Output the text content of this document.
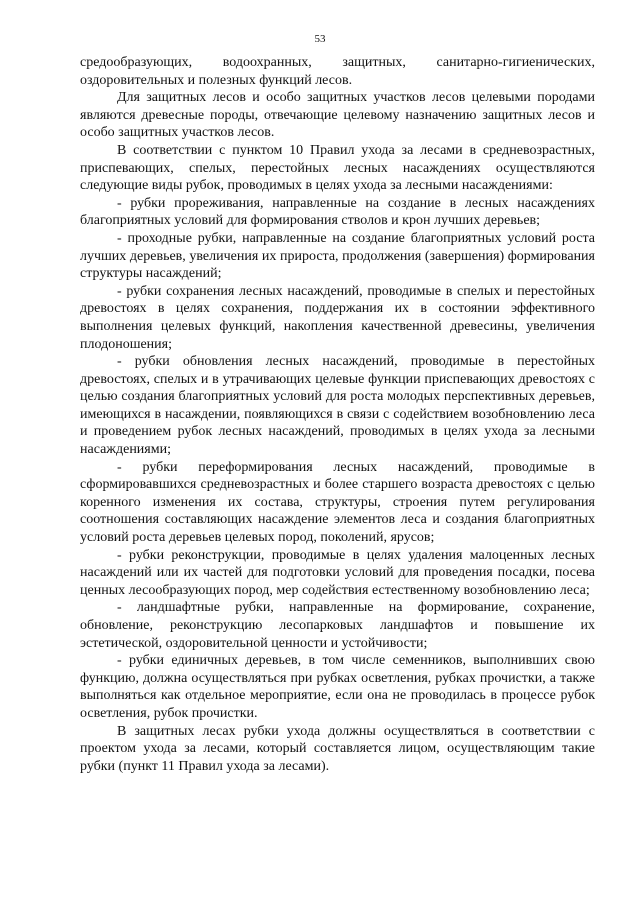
53

средообразующих, водоохранных, защитных, санитарно-гигиенических, оздоровительных и полезных функций лесов.

Для защитных лесов и особо защитных участков лесов целевыми породами являются древесные породы, отвечающие целевому назначению защитных лесов и особо защитных участков лесов.

В соответствии с пунктом 10 Правил ухода за лесами в средневозрастных, приспевающих, спелых, перестойных лесных насаждениях осуществляются следующие виды рубок, проводимых в целях ухода за лесными насаждениями:

- рубки прореживания, направленные на создание в лесных насаждениях благоприятных условий для формирования стволов и крон лучших деревьев;

- проходные рубки, направленные на создание благоприятных условий роста лучших деревьев, увеличения их прироста, продолжения (завершения) формирования структуры насаждений;

- рубки сохранения лесных насаждений, проводимые в спелых и перестойных древостоях в целях сохранения, поддержания их в состоянии эффективного выполнения целевых функций, накопления качественной древесины, увеличения плодоношения;

- рубки обновления лесных насаждений, проводимые в перестойных древостоях, спелых и в утрачивающих целевые функции приспевающих древостоях с целью создания благоприятных условий для роста молодых перспективных деревьев, имеющихся в насаждении, появляющихся в связи с содействием возобновлению леса и проведением рубок лесных насаждений, проводимых в целях ухода за лесными насаждениями;

- рубки переформирования лесных насаждений, проводимые в сформировавшихся средневозрастных и более старшего возраста древостоях с целью коренного изменения их состава, структуры, строения путем регулирования соотношения составляющих насаждение элементов леса и создания благоприятных условий роста деревьев целевых пород, поколений, ярусов;

- рубки реконструкции, проводимые в целях удаления малоценных лесных насаждений или их частей для подготовки условий для проведения посадки, посева ценных лесообразующих пород, мер содействия естественному возобновлению леса;

- ландшафтные рубки, направленные на формирование, сохранение, обновление, реконструкцию лесопарковых ландшафтов и повышение их эстетической, оздоровительной ценности и устойчивости;

- рубки единичных деревьев, в том числе семенников, выполнивших свою функцию, должна осуществляться при рубках осветления, рубках прочистки, а также выполняться как отдельное мероприятие, если она не проводилась в процессе рубок осветления, рубок прочистки.

В защитных лесах рубки ухода должны осуществляться в соответствии с проектом ухода за лесами, который составляется лицом, осуществляющим такие рубки (пункт 11 Правил ухода за лесами).
